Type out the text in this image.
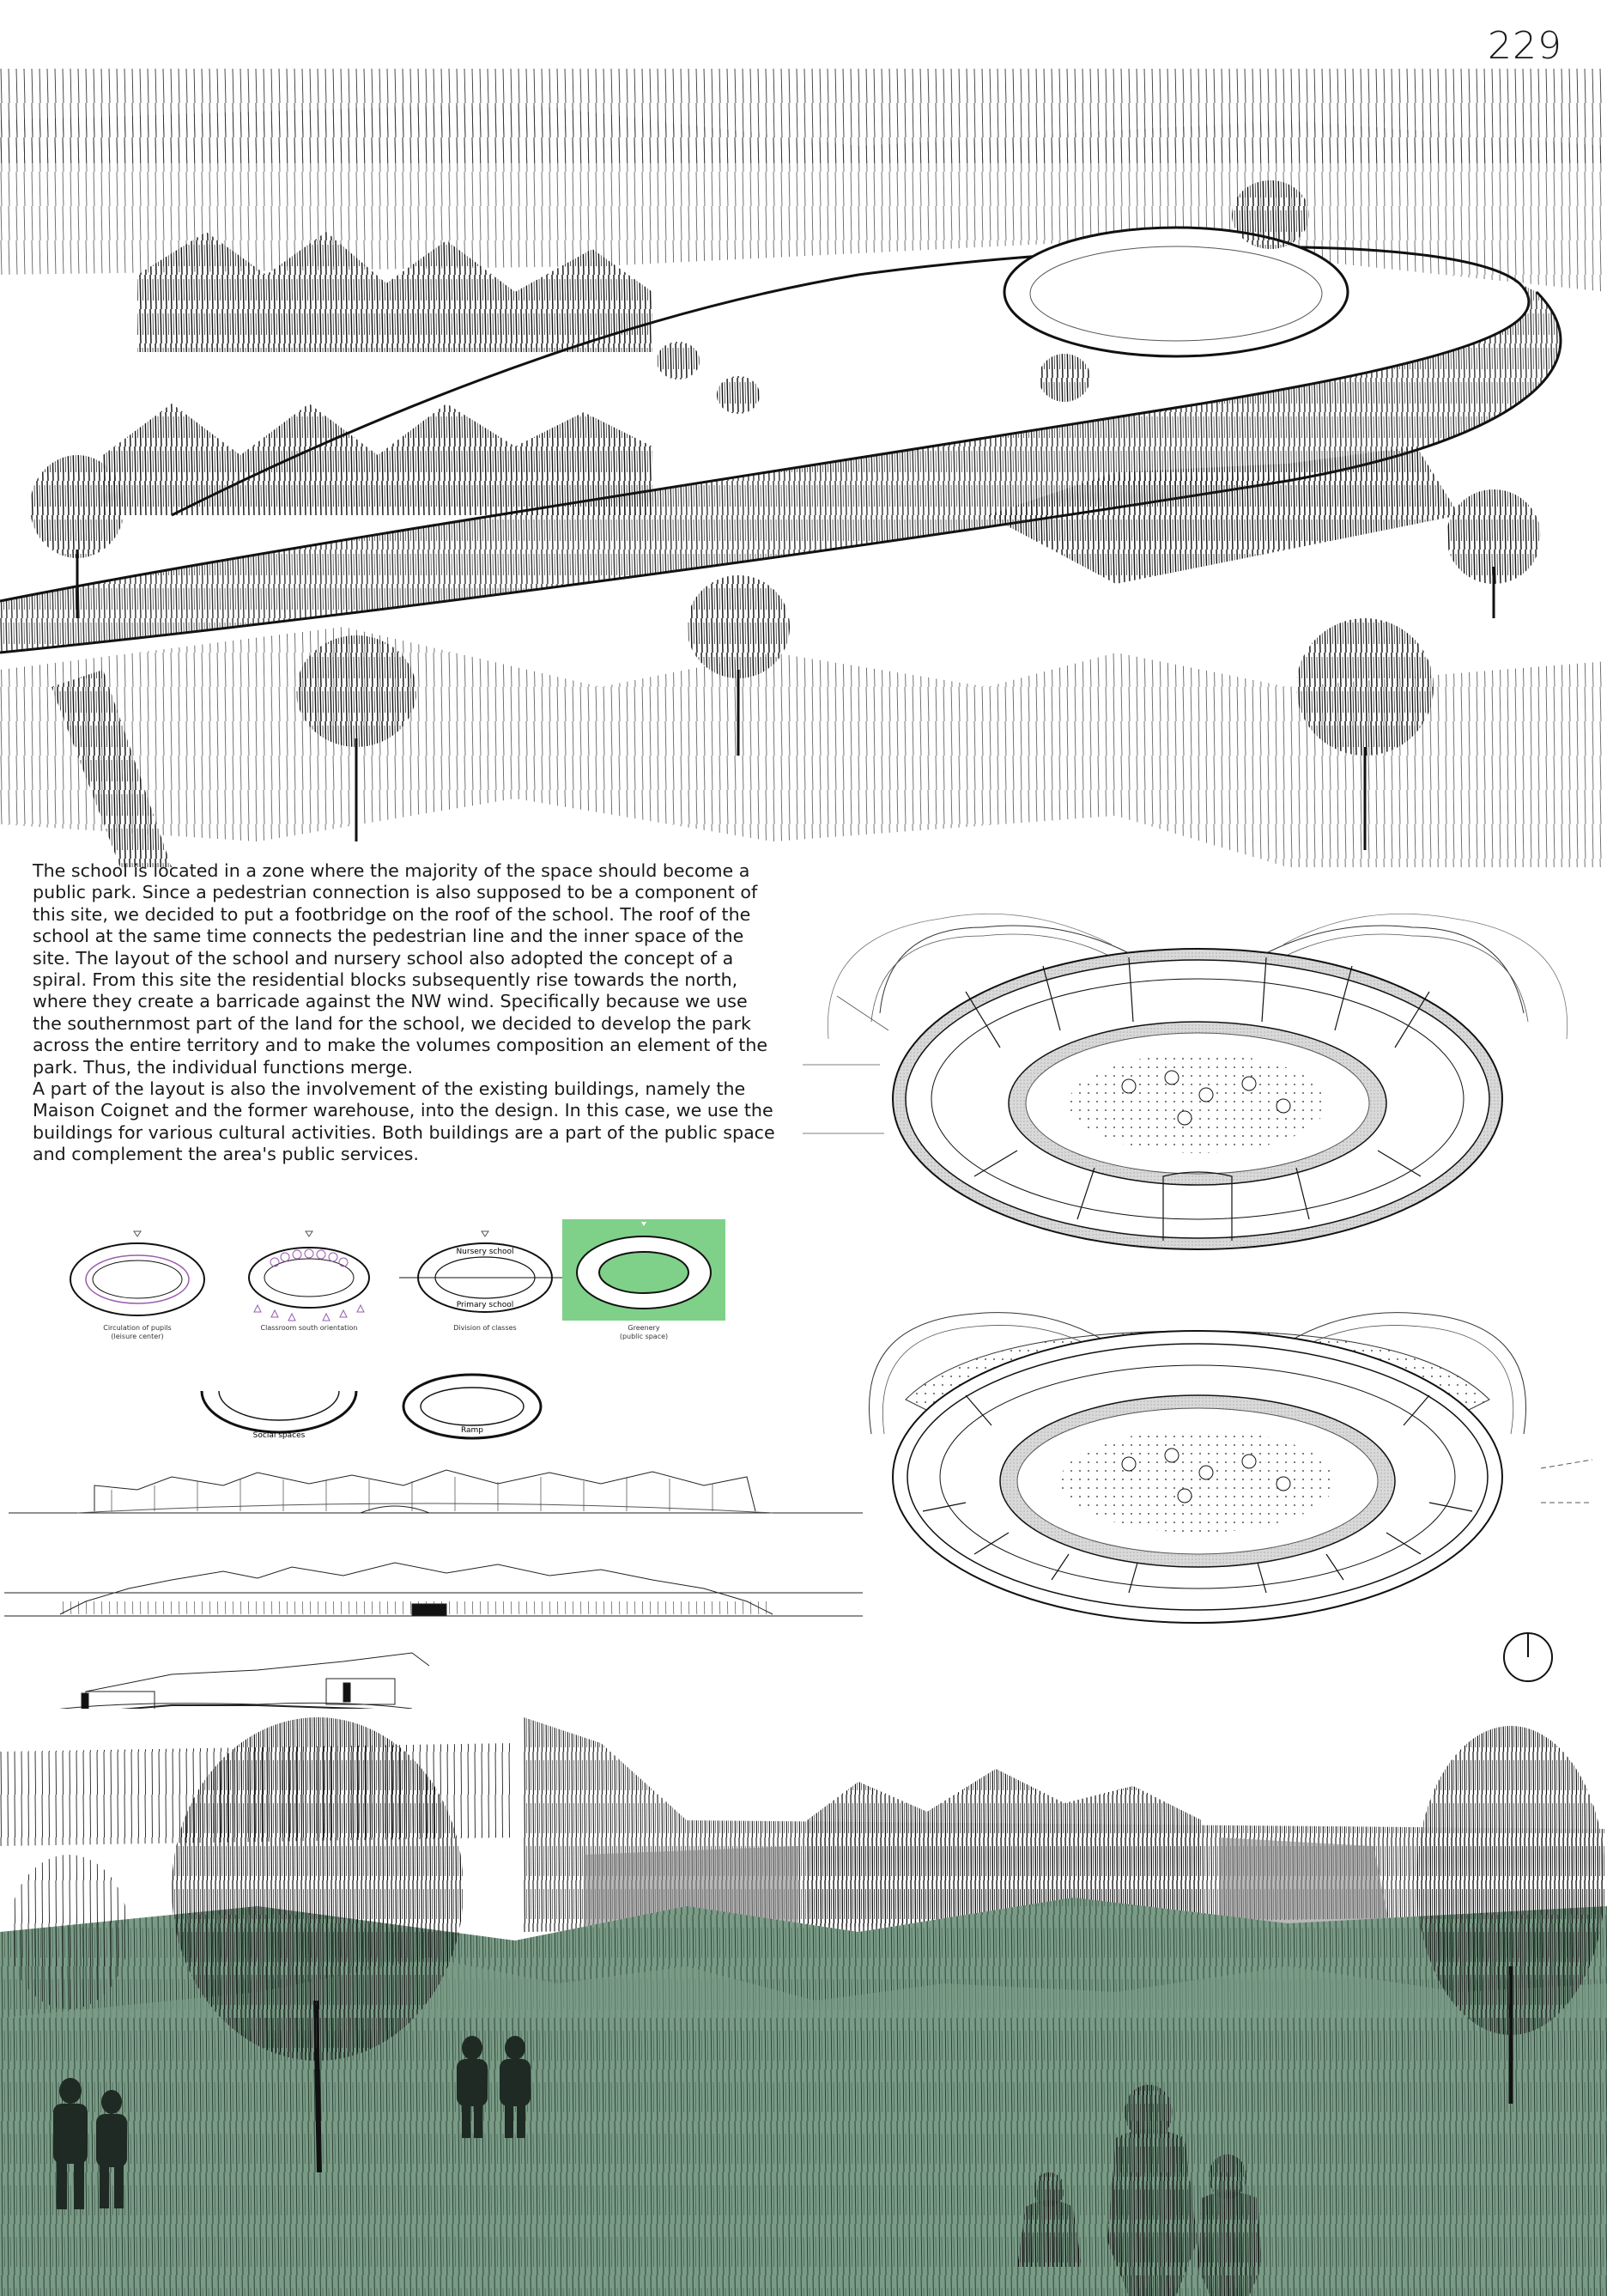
229

The school is located in a zone where the majority of the space should become a public park. Since a pedestrian connection is also supposed to be a component of this site, we decided to put a footbridge on the roof of the school. The roof of the school at the same time connects the pedestrian line and the inner space of the site. The layout of the school and nursery school also adopted the concept of a spiral. From this site the residential blocks subsequently rise towards the north, where they create a barricade against the NW wind. Specifically because we use the southernmost part of the land for the school, we decided to develop the park across the entire territory and to make the volumes composition an element of the park. Thus, the individual functions merge.

A part of the layout is also the involvement of the existing buildings, namely the Maison Coignet and the former warehouse, into the design. In this case, we use the buildings for various cultural activities. Both buildings are a part of the public space and complement the area's public services.

Circulation of pupils
(leisure center)
Classroom south orientation
Nursery school
Primary school
Division of classes	Greenery
(public space)
Social spaces
Ramp
